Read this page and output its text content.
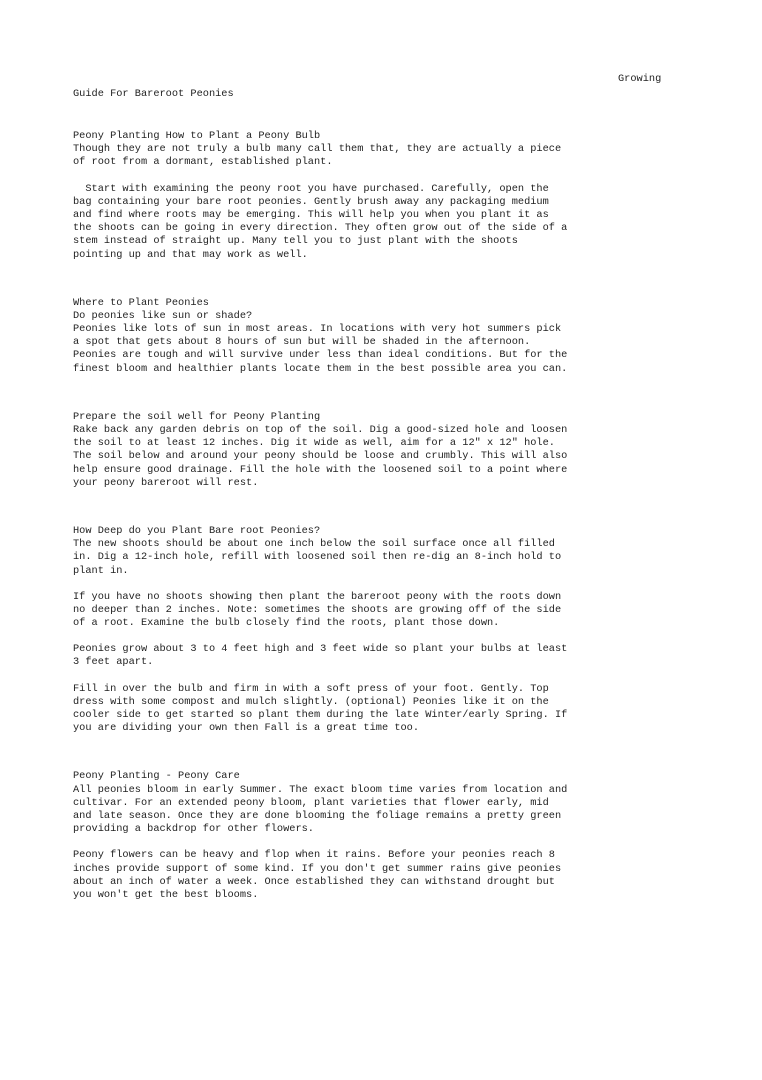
Growing
Guide For Bareroot Peonies
Peony Planting How to Plant a Peony Bulb
Though they are not truly a bulb many call them that, they are actually a piece
of root from a dormant, established plant.
Start with examining the peony root you have purchased. Carefully, open the
bag containing your bare root peonies. Gently brush away any packaging medium
and find where roots may be emerging. This will help you when you plant it as
the shoots can be going in every direction. They often grow out of the side of a
stem instead of straight up. Many tell you to just plant with the shoots
pointing up and that may work as well.
Where to Plant Peonies
Do peonies like sun or shade?
Peonies like lots of sun in most areas. In locations with very hot summers pick
a spot that gets about 8 hours of sun but will be shaded in the afternoon.
Peonies are tough and will survive under less than ideal conditions. But for the
finest bloom and healthier plants locate them in the best possible area you can.
Prepare the soil well for Peony Planting
Rake back any garden debris on top of the soil. Dig a good-sized hole and loosen
the soil to at least 12 inches. Dig it wide as well, aim for a 12" x 12" hole.
The soil below and around your peony should be loose and crumbly. This will also
help ensure good drainage. Fill the hole with the loosened soil to a point where
your peony bareroot will rest.
How Deep do you Plant Bare root Peonies?
The new shoots should be about one inch below the soil surface once all filled
in. Dig a 12-inch hole, refill with loosened soil then re-dig an 8-inch hold to
plant in.
If you have no shoots showing then plant the bareroot peony with the roots down
no deeper than 2 inches. Note: sometimes the shoots are growing off of the side
of a root. Examine the bulb closely find the roots, plant those down.
Peonies grow about 3 to 4 feet high and 3 feet wide so plant your bulbs at least
3 feet apart.
Fill in over the bulb and firm in with a soft press of your foot. Gently. Top
dress with some compost and mulch slightly. (optional) Peonies like it on the
cooler side to get started so plant them during the late Winter/early Spring. If
you are dividing your own then Fall is a great time too.
Peony Planting - Peony Care
All peonies bloom in early Summer. The exact bloom time varies from location and
cultivar. For an extended peony bloom, plant varieties that flower early, mid
and late season. Once they are done blooming the foliage remains a pretty green
providing a backdrop for other flowers.
Peony flowers can be heavy and flop when it rains. Before your peonies reach 8
inches provide support of some kind. If you don't get summer rains give peonies
about an inch of water a week. Once established they can withstand drought but
you won't get the best blooms.
